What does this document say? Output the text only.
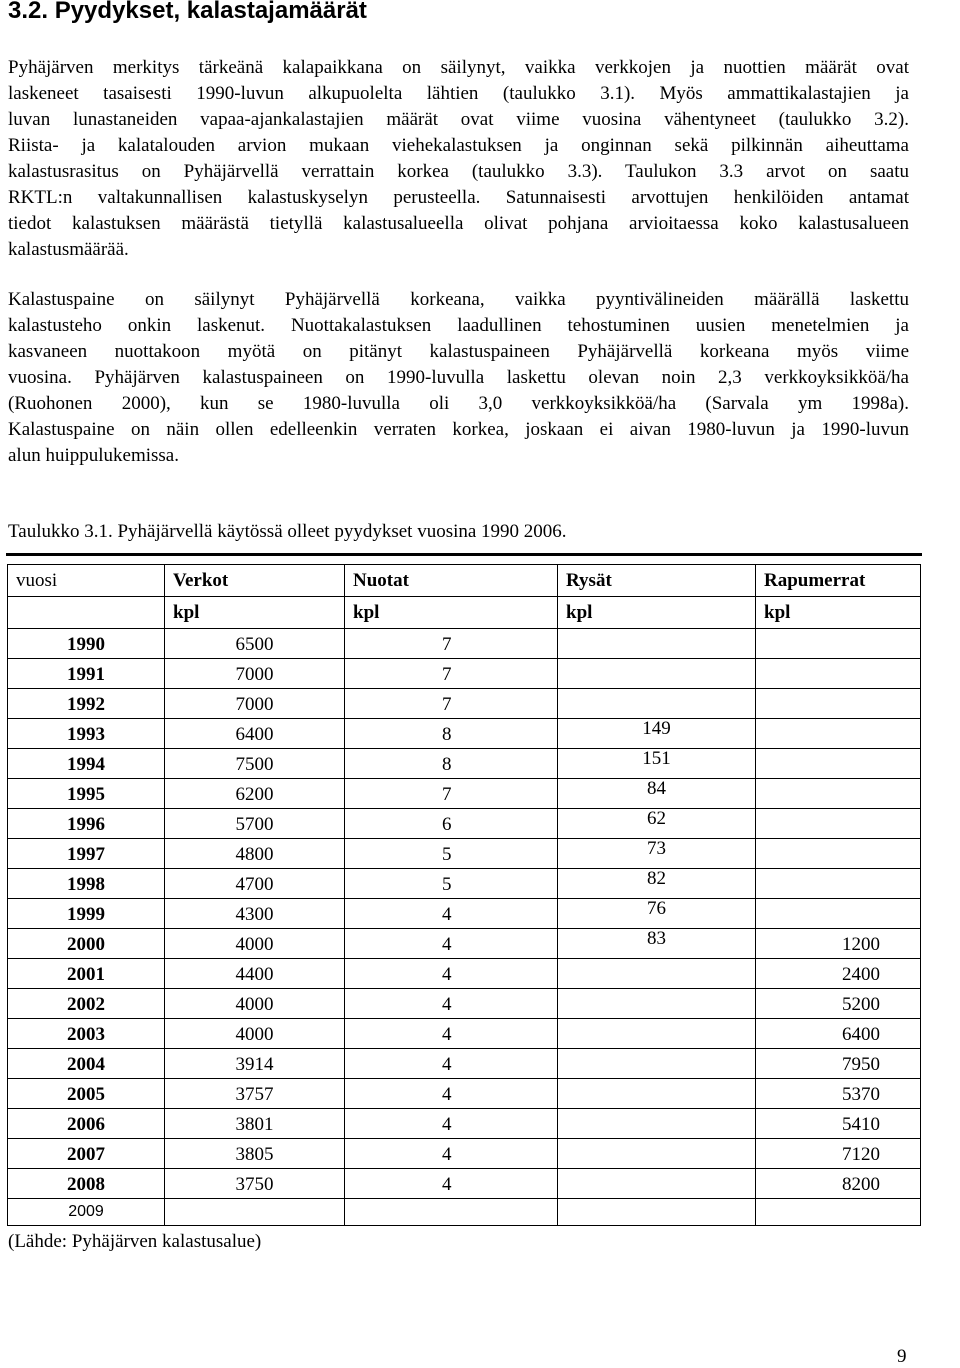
3.2. Pyydykset, kalastajamäärät
Pyhäjärven merkitys tärkeänä kalapaikkana on säilynyt, vaikka verkkojen ja nuottien määrät ovat
laskeneet tasaisesti 1990-luvun alkupuolelta lähtien (taulukko 3.1). Myös ammattikalastajien ja
luvan lunastaneiden vapaa-ajankalastajien määrät ovat viime vuosina vähentyneet (taulukko 3.2).
Riista- ja kalatalouden arvion mukaan viehekalastuksen ja onginnan sekä pilkinnän aiheuttama
kalastusrasitus on Pyhäjärvellä verrattain korkea (taulukko 3.3). Taulukon 3.3 arvot on saatu
RKTL:n valtakunnallisen kalastuskyselyn perusteella. Satunnaisesti arvottujen henkilöiden antamat
tiedot kalastuksen määrästä tietyllä kalastusalueella olivat pohjana arvioitaessa koko kalastusalueen
kalastusmäärää.
Kalastuspaine on säilynyt Pyhäjärvellä korkeana, vaikka pyyntivälineiden määrällä laskettu
kalastusteho onkin laskenut. Nuottakalastuksen laadullinen tehostuminen uusien menetelmien ja
kasvaneen nuottakoon myötä on pitänyt kalastuspaineen Pyhäjärvellä korkeana myös viime
vuosina. Pyhäjärven kalastuspaineen on 1990-luvulla laskettu olevan noin 2,3 verkkoyksikköä/ha
(Ruohonen 2000), kun se 1980-luvulla oli 3,0 verkkoyksikköä/ha (Sarvala ym 1998a).
Kalastuspaine on näin ollen edelleenkin verraten korkea, joskaan ei aivan 1980-luvun ja 1990-luvun
alun huippulukemissa.

Taulukko 3.1. Pyhäjärvellä käytössä olleet pyydykset vuosina 1990 2006.

vuosi	Verkot	Nuotat	Rysät	Rapumerrat
	kpl	kpl	kpl	kpl
1990	6500	7		
1991	7000	7		
1992	7000	7		
1993	6400	8	149	
1994	7500	8	151	
1995	6200	7	84	
1996	5700	6	62	
1997	4800	5	73	
1998	4700	5	82	
1999	4300	4	76	
2000	4000	4	83	1200
2001	4400	4		2400
2002	4000	4		5200
2003	4000	4		6400
2004	3914	4		7950
2005	3757	4		5370
2006	3801	4		5410
2007	3805	4		7120
2008	3750	4		8200
2009				

(Lähde: Pyhäjärven kalastusalue)

9
